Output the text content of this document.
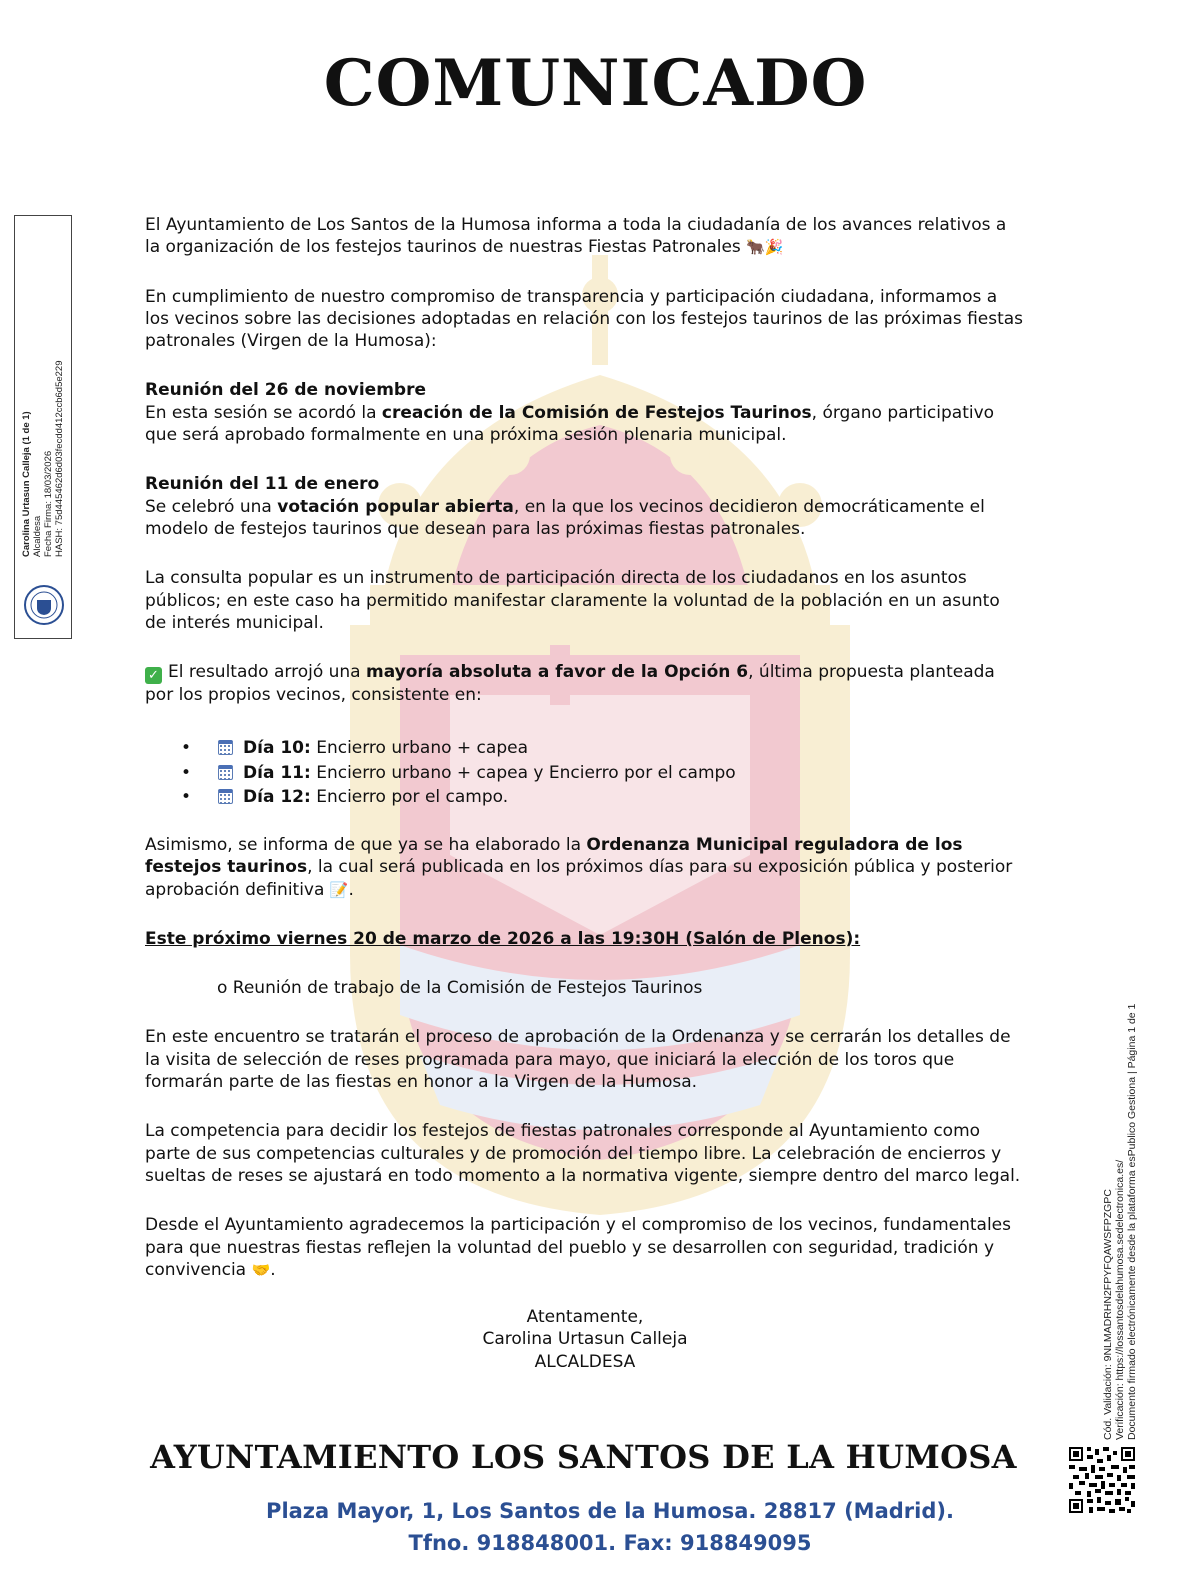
COMUNICADO
Carolina Urtasun Calleja (1 de 1) Alcaldesa Fecha Firma: 18/03/2026 HASH: 75d445462d6d03fecdd412ccb6d5e229

El Ayuntamiento de Los Santos de la Humosa informa a toda la ciudadanía de los avances relativos a la organización de los festejos taurinos de nuestras Fiestas Patronales 🐂🎉

En cumplimiento de nuestro compromiso de transparencia y participación ciudadana, informamos a los vecinos sobre las decisiones adoptadas en relación con los festejos taurinos de las próximas fiestas patronales (Virgen de la Humosa):

Reunión del 26 de noviembre
En esta sesión se acordó la creación de la Comisión de Festejos Taurinos, órgano participativo que será aprobado formalmente en una próxima sesión plenaria municipal.

Reunión del 11 de enero
Se celebró una votación popular abierta, en la que los vecinos decidieron democráticamente el modelo de festejos taurinos que desean para las próximas fiestas patronales.

La consulta popular es un instrumento de participación directa de los ciudadanos en los asuntos públicos; en este caso ha permitido manifestar claramente la voluntad de la población en un asunto de interés municipal.

✓ El resultado arrojó una mayoría absoluta a favor de la Opción 6, última propuesta planteada por los propios vecinos, consistente en:

• Día 10: Encierro urbano + capea
• Día 11: Encierro urbano + capea y Encierro por el campo
• Día 12: Encierro por el campo.

Asimismo, se informa de que ya se ha elaborado la Ordenanza Municipal reguladora de los festejos taurinos, la cual será publicada en los próximos días para su exposición pública y posterior aprobación definitiva 📝.

Este próximo viernes 20 de marzo de 2026 a las 19:30H (Salón de Plenos):

o Reunión de trabajo de la Comisión de Festejos Taurinos

En este encuentro se tratarán el proceso de aprobación de la Ordenanza y se cerrarán los detalles de la visita de selección de reses programada para mayo, que iniciará la elección de los toros que formarán parte de las fiestas en honor a la Virgen de la Humosa.

La competencia para decidir los festejos de fiestas patronales corresponde al Ayuntamiento como parte de sus competencias culturales y de promoción del tiempo libre. La celebración de encierros y sueltas de reses se ajustará en todo momento a la normativa vigente, siempre dentro del marco legal.

Desde el Ayuntamiento agradecemos la participación y el compromiso de los vecinos, fundamentales para que nuestras fiestas reflejen la voluntad del pueblo y se desarrollen con seguridad, tradición y convivencia 🤝.

Atentamente,
Carolina Urtasun Calleja
ALCALDESA	Cód. Validación: 9NLMADRHN2FPYFQAWSFPZGPC Verificación: https://lossantosdelahumosa.sedelectronica.es/ Documento firmado electrónicamente desde la plataforma esPublico Gestiona | Página 1 de 1
AYUNTAMIENTO LOS SANTOS DE LA HUMOSA
Plaza Mayor, 1, Los Santos de la Humosa. 28817 (Madrid).
Tfno. 918848001. Fax: 918849095
